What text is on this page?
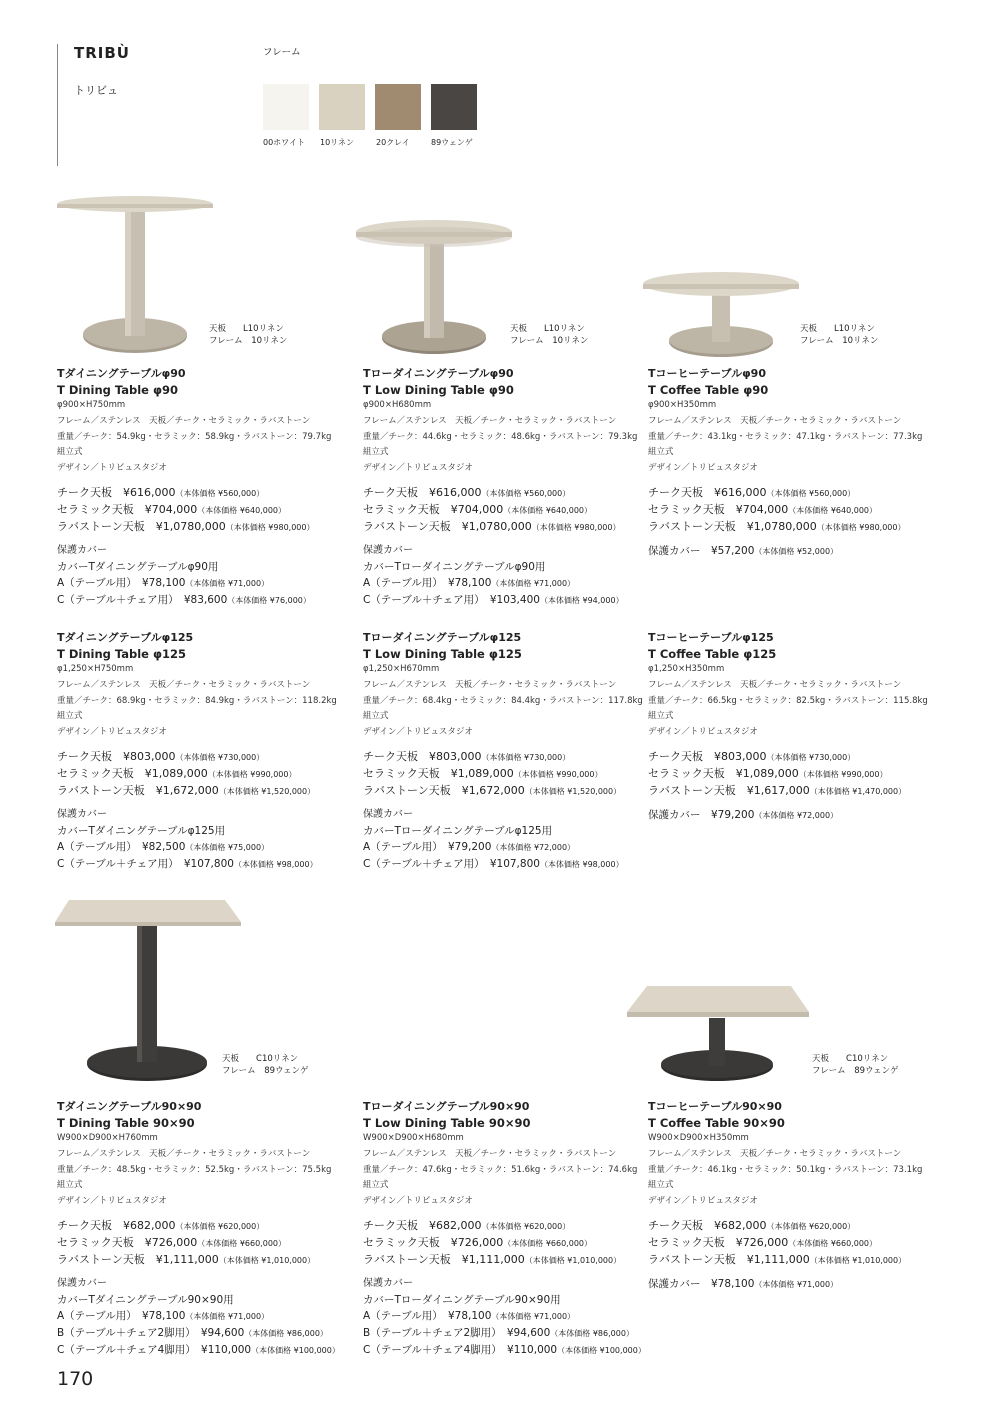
TRIBÙ
トリビュ
フレーム
00ホワイト 10リネン	20クレイ	89ウェンゲ
天板　　 L10リネン
フレーム　 10リネン
天板　　 L10リネン
フレーム　 10リネン
天板　　 L10リネン
フレーム　 10リネン
天板　　 C10リネン
フレーム　 89ウェンゲ
天板　　 C10リネン
フレーム　 89ウェンゲ
Tダイニングテーブルφ90
T Dining Table φ90
φ900×H750mm
フレーム／ステンレス　天板／チーク・セラミック・ラバストーン
重量／チーク：54.9kg・セラミック：58.9kg・ラバストーン：79.7kg
組立式
デザイン／トリビュスタジオ
チーク天板　 ¥616,000（本体価格 ¥560,000）
セラミック天板　 ¥704,000（本体価格 ¥640,000）
ラバストーン天板　 ¥1,0780,000（本体価格 ¥980,000）
保護カバー
カバーTダイニングテーブルφ90用
A（テーブル用）　 ¥78,100（本体価格 ¥71,000）
C（テーブル＋チェア用）　 ¥83,600（本体価格 ¥76,000）
Tローダイニングテーブルφ90
T Low Dining Table φ90
φ900×H680mm
フレーム／ステンレス　天板／チーク・セラミック・ラバストーン
重量／チーク：44.6kg・セラミック：48.6kg・ラバストーン：79.3kg
組立式
デザイン／トリビュスタジオ
チーク天板　 ¥616,000（本体価格 ¥560,000）
セラミック天板　 ¥704,000（本体価格 ¥640,000）
ラバストーン天板　 ¥1,0780,000（本体価格 ¥980,000）
保護カバー
カバーTローダイニングテーブルφ90用
A（テーブル用）　 ¥78,100（本体価格 ¥71,000）
C（テーブル＋チェア用）　 ¥103,400（本体価格 ¥94,000）
Tコーヒーテーブルφ90
T Coffee Table φ90
φ900×H350mm
フレーム／ステンレス　天板／チーク・セラミック・ラバストーン
重量／チーク：43.1kg・セラミック：47.1kg・ラバストーン：77.3kg
組立式
デザイン／トリビュスタジオ
チーク天板　 ¥616,000（本体価格 ¥560,000）
セラミック天板　 ¥704,000（本体価格 ¥640,000）
ラバストーン天板　 ¥1,0780,000（本体価格 ¥980,000）
保護カバー　 ¥57,200（本体価格 ¥52,000）
Tダイニングテーブルφ125
T Dining Table φ125
φ1,250×H750mm
フレーム／ステンレス　天板／チーク・セラミック・ラバストーン
重量／チーク：68.9kg・セラミック：84.9kg・ラバストーン：118.2kg
組立式
デザイン／トリビュスタジオ
チーク天板　 ¥803,000（本体価格 ¥730,000）
セラミック天板　 ¥1,089,000（本体価格 ¥990,000）
ラバストーン天板　 ¥1,672,000（本体価格 ¥1,520,000）
保護カバー
カバーTダイニングテーブルφ125用
A（テーブル用）　 ¥82,500（本体価格 ¥75,000）
C（テーブル＋チェア用）　 ¥107,800（本体価格 ¥98,000）
Tローダイニングテーブルφ125
T Low Dining Table φ125
φ1,250×H670mm
フレーム／ステンレス　天板／チーク・セラミック・ラバストーン
重量／チーク：68.4kg・セラミック：84.4kg・ラバストーン：117.8kg
組立式
デザイン／トリビュスタジオ
チーク天板　 ¥803,000（本体価格 ¥730,000）
セラミック天板　 ¥1,089,000（本体価格 ¥990,000）
ラバストーン天板　 ¥1,672,000（本体価格 ¥1,520,000）
保護カバー
カバーTローダイニングテーブルφ125用
A（テーブル用）　 ¥79,200（本体価格 ¥72,000）
C（テーブル＋チェア用）　 ¥107,800（本体価格 ¥98,000）
Tコーヒーテーブルφ125
T Coffee Table φ125
φ1,250×H350mm
フレーム／ステンレス　天板／チーク・セラミック・ラバストーン
重量／チーク：66.5kg・セラミック：82.5kg・ラバストーン：115.8kg
組立式
デザイン／トリビュスタジオ
チーク天板　 ¥803,000（本体価格 ¥730,000）
セラミック天板　 ¥1,089,000（本体価格 ¥990,000）
ラバストーン天板　 ¥1,617,000（本体価格 ¥1,470,000）
保護カバー　 ¥79,200（本体価格 ¥72,000）
Tダイニングテーブル90×90
T Dining Table 90×90
W900×D900×H760mm
フレーム／ステンレス　天板／チーク・セラミック・ラバストーン
重量／チーク：48.5kg・セラミック：52.5kg・ラバストーン：75.5kg
組立式
デザイン／トリビュスタジオ
チーク天板　 ¥682,000（本体価格 ¥620,000）
セラミック天板　 ¥726,000（本体価格 ¥660,000）
ラバストーン天板　 ¥1,111,000（本体価格 ¥1,010,000）
保護カバー
カバーTダイニングテーブル90×90用
A（テーブル用）　 ¥78,100（本体価格 ¥71,000）
B（テーブル＋チェア2脚用）　 ¥94,600（本体価格 ¥86,000）
C（テーブル＋チェア4脚用）　 ¥110,000（本体価格 ¥100,000）
Tローダイニングテーブル90×90
T Low Dining Table 90×90
W900×D900×H680mm
フレーム／ステンレス　天板／チーク・セラミック・ラバストーン
重量／チーク：47.6kg・セラミック：51.6kg・ラバストーン：74.6kg
組立式
デザイン／トリビュスタジオ
チーク天板　 ¥682,000（本体価格 ¥620,000）
セラミック天板　 ¥726,000（本体価格 ¥660,000）
ラバストーン天板　 ¥1,111,000（本体価格 ¥1,010,000）
保護カバー
カバーTローダイニングテーブル90×90用
A（テーブル用）　 ¥78,100（本体価格 ¥71,000）
B（テーブル＋チェア2脚用）　 ¥94,600（本体価格 ¥86,000）
C（テーブル＋チェア4脚用）　 ¥110,000（本体価格 ¥100,000）
Tコーヒーテーブル90×90
T Coffee Table 90×90
W900×D900×H350mm
フレーム／ステンレス　天板／チーク・セラミック・ラバストーン
重量／チーク：46.1kg・セラミック：50.1kg・ラバストーン：73.1kg
組立式
デザイン／トリビュスタジオ
チーク天板　 ¥682,000（本体価格 ¥620,000）
セラミック天板　 ¥726,000（本体価格 ¥660,000）
ラバストーン天板　 ¥1,111,000（本体価格 ¥1,010,000）
保護カバー　 ¥78,100（本体価格 ¥71,000）
170
